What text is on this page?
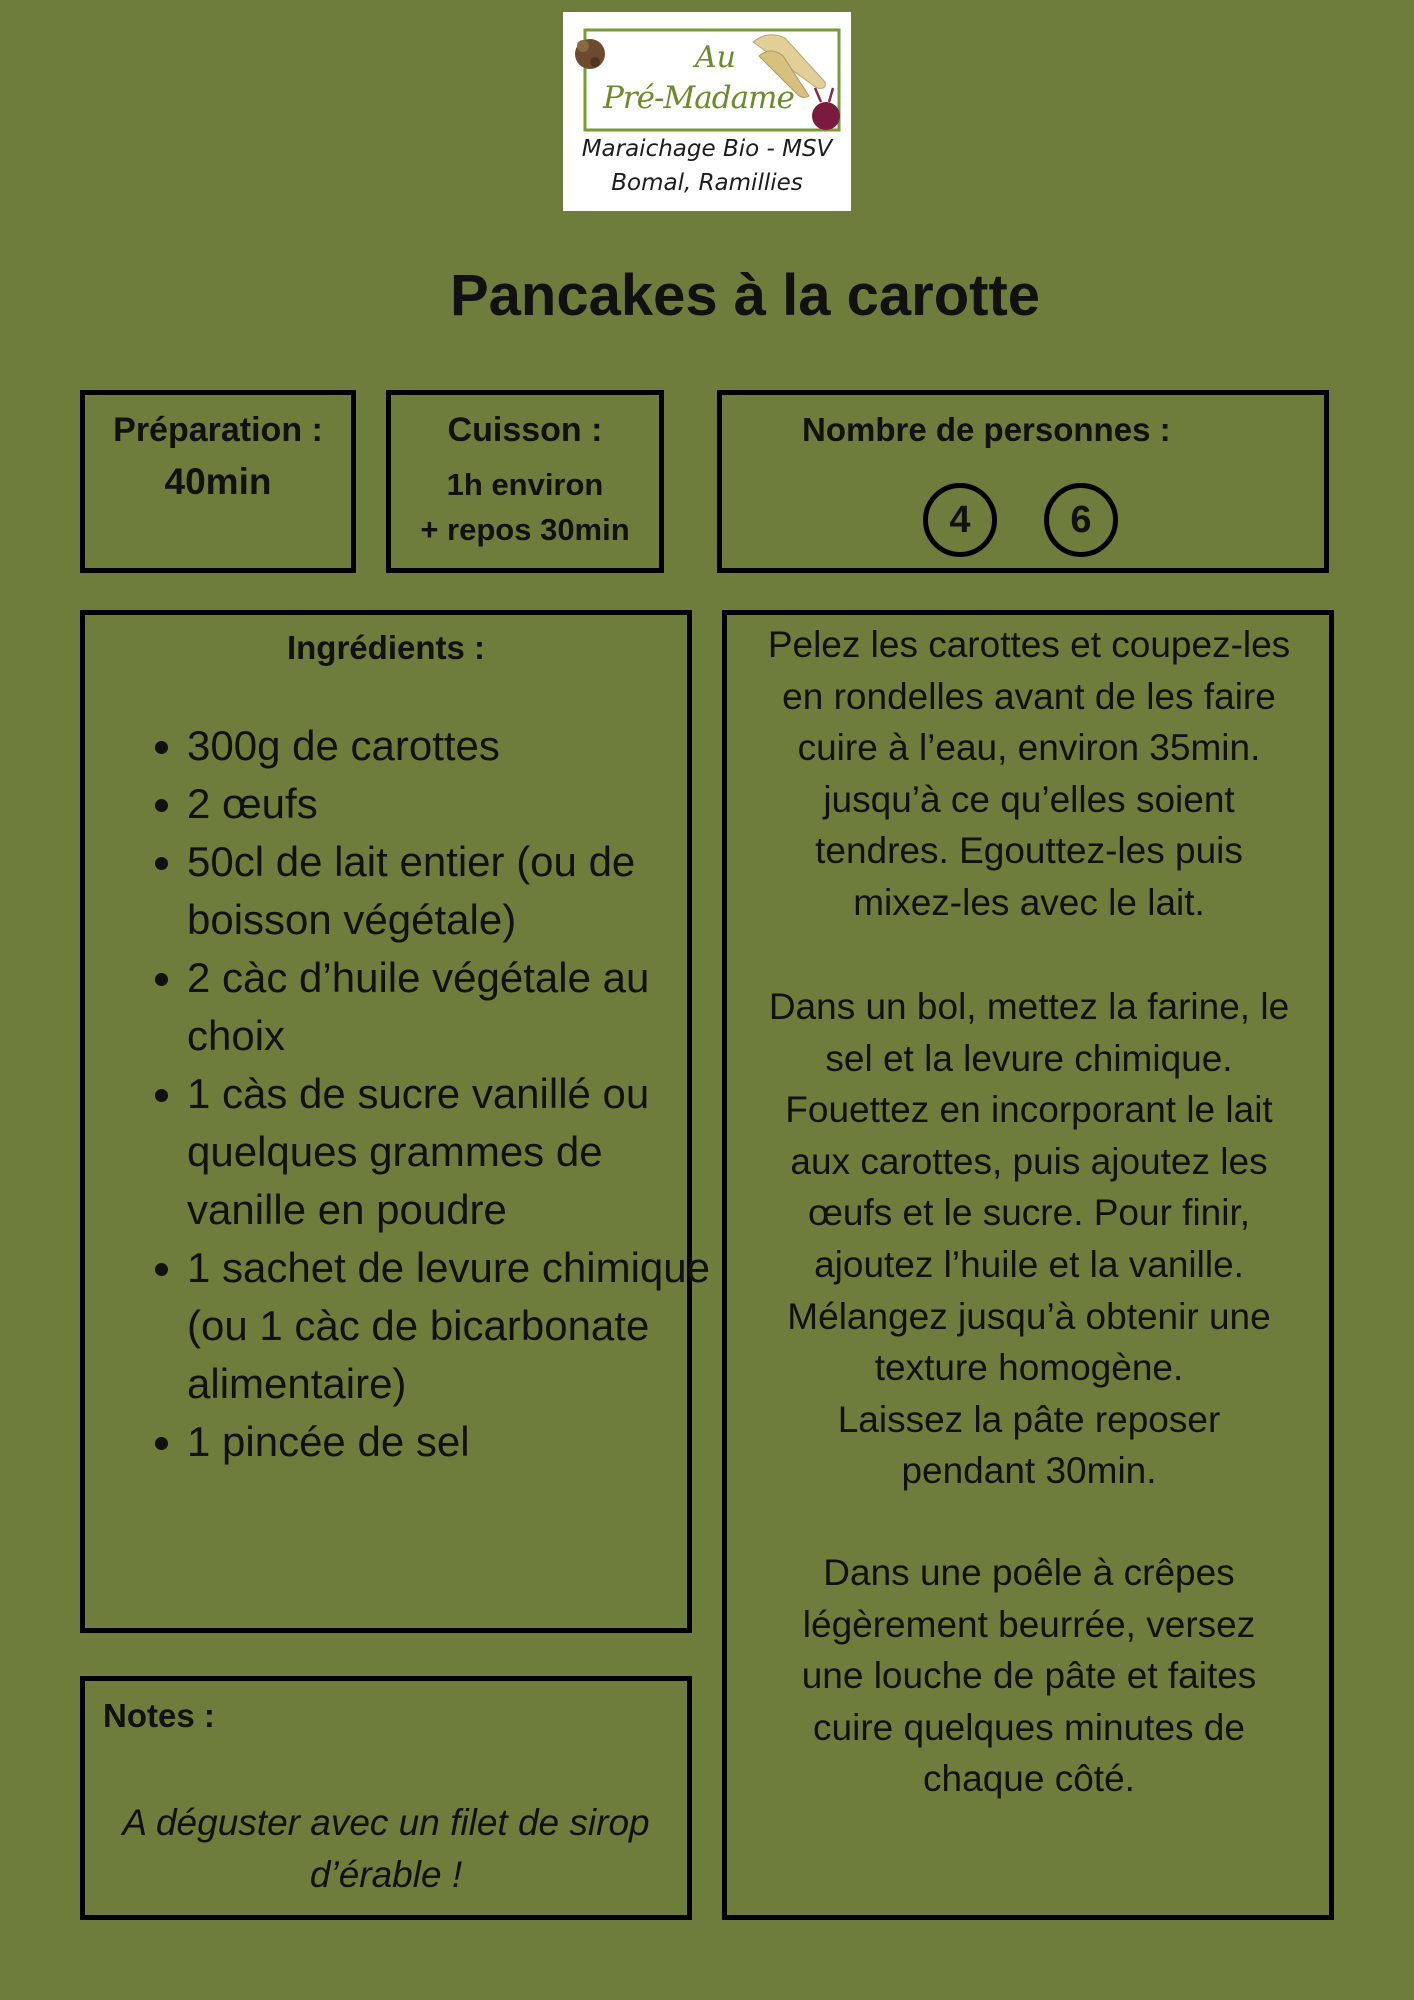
Au
Pré-Madame
Maraichage Bio - MSV
Bomal, Ramillies
Pancakes à la carotte
Préparation :
40min
Cuisson :
1h environ
+ repos 30min
Nombre de personnes :
4	6
Ingrédients :
• 300g de carottes
• 2 œufs
• 50cl de lait entier (ou de boisson végétale)
• 2 càc d’huile végétale au choix
• 1 càs de sucre vanillé ou quelques grammes de vanille en poudre
• 1 sachet de levure chimique (ou 1 càc de bicarbonate alimentaire)
• 1 pincée de sel
Notes :
A déguster avec un filet de sirop d’érable !
Pelez les carottes et coupez-les
en rondelles avant de les faire
cuire à l’eau, environ 35min.
jusqu’à ce qu’elles soient
tendres. Egouttez-les puis
mixez-les avec le lait.
Dans un bol, mettez la farine, le
sel et la levure chimique.
Fouettez en incorporant le lait
aux carottes, puis ajoutez les
œufs et le sucre. Pour finir,
ajoutez l’huile et la vanille.
Mélangez jusqu’à obtenir une
texture homogène.
Laissez la pâte reposer
pendant 30min.
Dans une poêle à crêpes
légèrement beurrée, versez
une louche de pâte et faites
cuire quelques minutes de
chaque côté.
